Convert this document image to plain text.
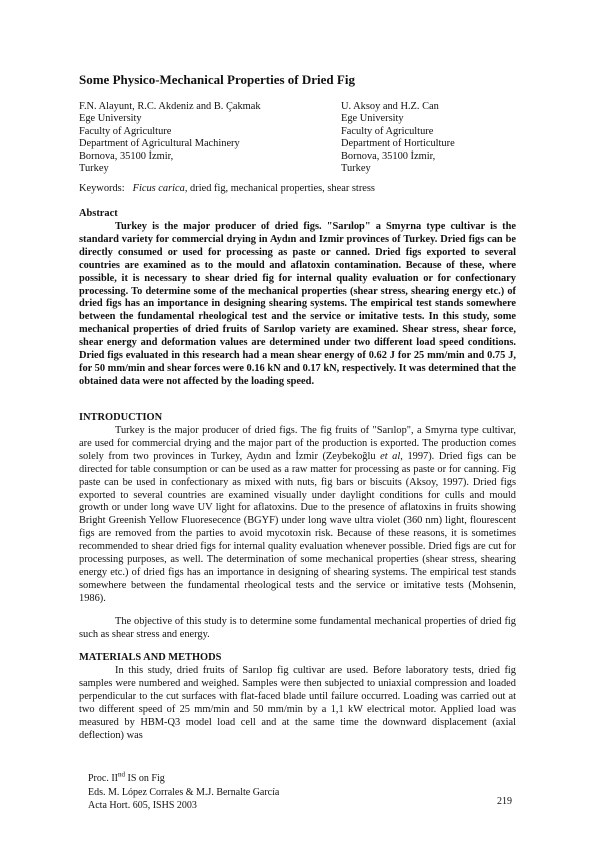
Some Physico-Mechanical Properties of Dried Fig
F.N. Alayunt, R.C. Akdeniz and B. Çakmak
Ege University
Faculty of Agriculture
Department of Agricultural Machinery
Bornova, 35100 İzmir,
Turkey
U. Aksoy and H.Z. Can
Ege University
Faculty of Agriculture
Department of Horticulture
Bornova, 35100 İzmir,
Turkey
Keywords: Ficus carica, dried fig, mechanical properties, shear stress
Abstract

Turkey is the major producer of dried figs. "Sarılop" a Smyrna type cultivar is the standard variety for commercial drying in Aydın and Izmir provinces of Turkey. Dried figs can be directly consumed or used for processing as paste or canned. Dried figs exported to several countries are examined as to the mould and aflatoxin contamination. Because of these, where possible, it is necessary to shear dried fig for internal quality evaluation or for confectionary processing. To determine some of the mechanical properties (shear stress, shearing energy etc.) of dried figs has an importance in designing shearing systems. The empirical test stands somewhere between the fundamental rheological test and the service or imitative tests. In this study, some mechanical properties of dried fruits of Sarılop variety are examined. Shear stress, shear force, shear energy and deformation values are determined under two different load speed conditions. Dried figs evaluated in this research had a mean shear energy of 0.62 J for 25 mm/min and 0.75 J, for 50 mm/min and shear forces were 0.16 kN and 0.17 kN, respectively. It was determined that the obtained data were not affected by the loading speed.

INTRODUCTION

Turkey is the major producer of dried figs. The fig fruits of "Sarılop", a Smyrna type cultivar, are used for commercial drying and the major part of the production is exported. The production comes solely from two provinces in Turkey, Aydın and İzmir (Zeybekoğlu et al, 1997). Dried figs can be directed for table consumption or can be used as a raw matter for processing as paste or for canning. Fig paste can be used in confectionary as mixed with nuts, fig bars or biscuits (Aksoy, 1997). Dried figs exported to several countries are examined visually under daylight conditions for culls and mould growth or under long wave UV light for aflatoxins. Due to the presence of aflatoxins in fruits showing Bright Greenish Yellow Fluoresecence (BGYF) under long wave ultra violet (360 nm) light, flourescent figs are removed from the parties to avoid mycotoxin risk. Because of these reasons, it is sometimes recommended to shear dried figs for internal quality evaluation whenever possible. Dried figs are cut for processing purposes, as well. The determination of some mechanical properties (shear stress, shearing energy etc.) of dried figs has an importance in designing of shearing systems. The empirical test stands somewhere between the fundamental rheological tests and the service or imitative tests (Mohsenin, 1986).

The objective of this study is to determine some fundamental mechanical properties of dried fig such as shear stress and energy.

MATERIALS AND METHODS

In this study, dried fruits of Sarılop fig cultivar are used. Before laboratory tests, dried fig samples were numbered and weighed. Samples were then subjected to uniaxial compression and loaded perpendicular to the cut surfaces with flat-faced blade until failure occurred. Loading was carried out at two different speed of 25 mm/min and 50 mm/min by a 1,1 kW electrical motor. Applied load was measured by HBM-Q3 model load cell and at the same time the downward displacement (axial deflection) was

Proc. IInd IS on Fig
Eds. M. López Corrales & M.J. Bernalte García
Acta Hort. 605, ISHS 2003	219
